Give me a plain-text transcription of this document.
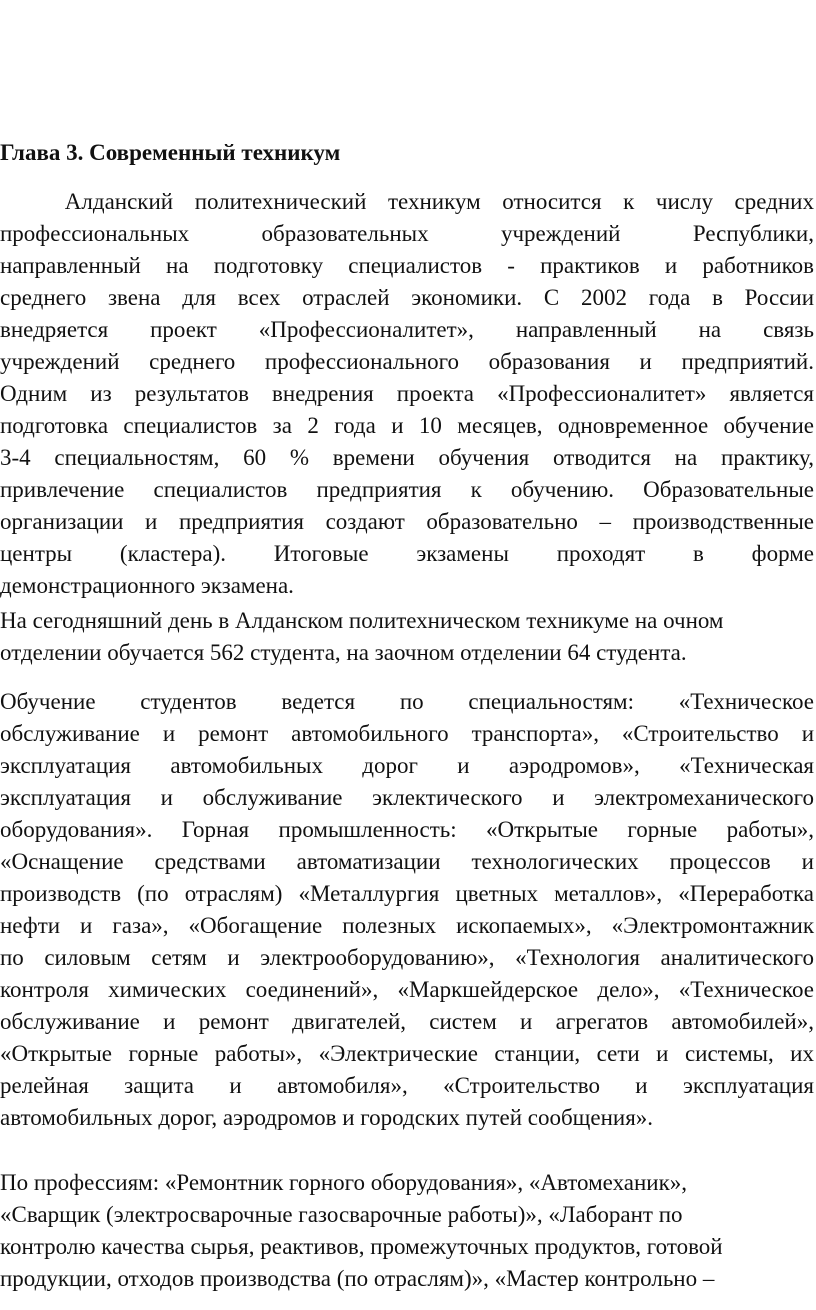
Глава 3. Современный техникум
Алданский политехнический техникум относится к числу средних
профессиональных образовательных учреждений Республики,
направленный на подготовку специалистов - практиков и работников
среднего звена для всех отраслей экономики. С 2002 года в России
внедряется проект «Профессионалитет», направленный на связь
учреждений среднего профессионального образования и предприятий.
Одним из результатов внедрения проекта «Профессионалитет» является
подготовка специалистов за 2 года и 10 месяцев, одновременное обучение
3-4 специальностям, 60 % времени обучения отводится на практику,
привлечение специалистов предприятия к обучению. Образовательные
организации и предприятия создают образовательно – производственные
центры (кластера). Итоговые экзамены проходят в форме
демонстрационного экзамена.
На сегодняшний день в Алданском политехническом техникуме на очном
отделении обучается 562 студента, на заочном отделении 64 студента.
Обучение студентов ведется по специальностям: «Техническое
обслуживание и ремонт автомобильного транспорта», «Строительство и
эксплуатация автомобильных дорог и аэродромов», «Техническая
эксплуатация и обслуживание эклектического и электромеханического
оборудования». Горная промышленность: «Открытые горные работы»,
«Оснащение средствами автоматизации технологических процессов и
производств (по отраслям) «Металлургия цветных металлов», «Переработка
нефти и газа», «Обогащение полезных ископаемых», «Электромонтажник
по силовым сетям и электрооборудованию», «Технология аналитического
контроля химических соединений», «Маркшейдерское дело», «Техническое
обслуживание и ремонт двигателей, систем и агрегатов автомобилей»,
«Открытые горные работы», «Электрические станции, сети и системы, их
релейная защита и автомобиля», «Строительство и эксплуатация
автомобильных дорог, аэродромов и городских путей сообщения».
По профессиям: «Ремонтник горного оборудования», «Автомеханик»,
«Сварщик (электросварочные газосварочные работы)», «Лаборант по
контролю качества сырья, реактивов, промежуточных продуктов, готовой
продукции, отходов производства (по отраслям)», «Мастер контрольно –
